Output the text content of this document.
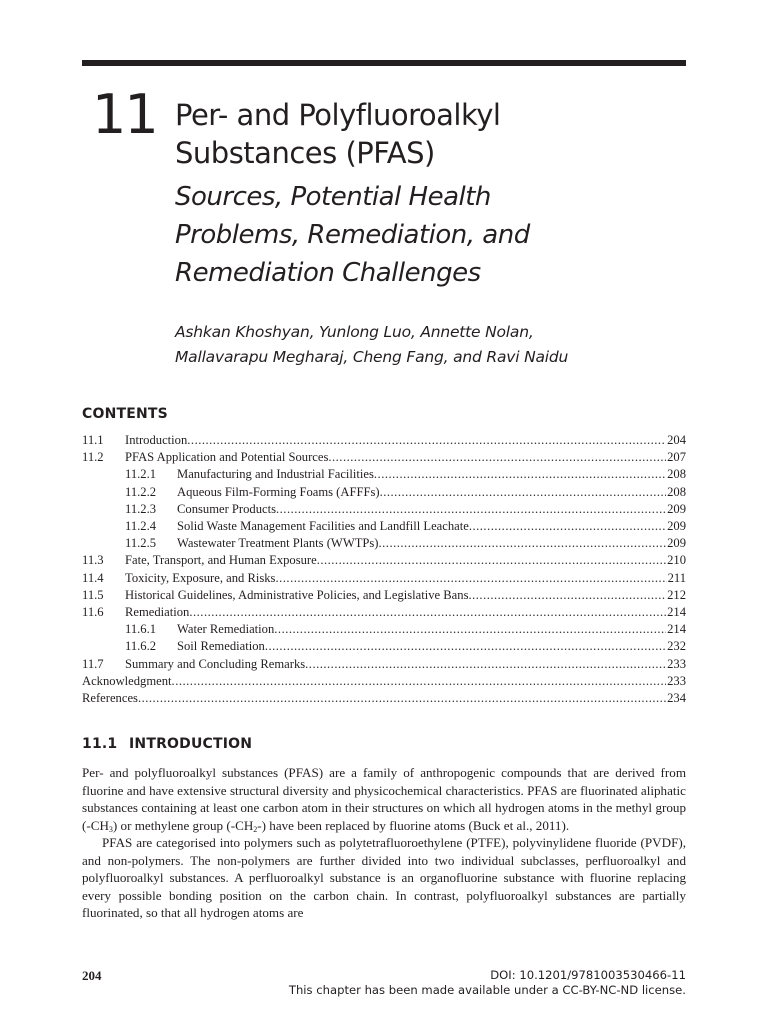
11 Per- and Polyfluoroalkyl
Substances (PFAS)
Sources, Potential Health
Problems, Remediation, and
Remediation Challenges
Ashkan Khoshyan, Yunlong Luo, Annette Nolan,
Mallavarapu Megharaj, Cheng Fang, and Ravi Naidu
CONTENTS
11.1	Introduction .....	204
11.2	PFAS Application and Potential Sources .....	207
11.2.1	Manufacturing and Industrial Facilities .....	208
11.2.2	Aqueous Film-Forming Foams (AFFFs) .....	208
11.2.3	Consumer Products .....	209
11.2.4	Solid Waste Management Facilities and Landfill Leachate .....	209
11.2.5	Wastewater Treatment Plants (WWTPs) .....	209
11.3	Fate, Transport, and Human Exposure .....	210
11.4	Toxicity, Exposure, and Risks .....	211
11.5	Historical Guidelines, Administrative Policies, and Legislative Bans .....	212
11.6	Remediation .....	214
11.6.1	Water Remediation .....	214
11.6.2	Soil Remediation .....	232
11.7	Summary and Concluding Remarks .....	233
Acknowledgment .....	233
References .....	234
11.1 INTRODUCTION

Per- and polyfluoroalkyl substances (PFAS) are a family of anthropogenic compounds that are derived from fluorine and have extensive structural diversity and physicochemical characteristics. PFAS are fluorinated aliphatic substances containing at least one carbon atom in their structures on which all hydrogen atoms in the methyl group $(-CH_3)$ or methylene group $(-CH_2-)$ have been replaced by fluorine atoms (Buck et al., 2011).

PFAS are categorised into polymers such as polytetrafluoroethylene (PTFE), polyvinylidene fluoride (PVDF), and non-polymers. The non-polymers are further divided into two individual subclasses, perfluoroalkyl and polyfluoroalkyl substances. A perfluoroalkyl substance is an organofluorine substance with fluorine replacing every possible bonding position on the carbon chain. In contrast, polyfluoroalkyl substances are partially fluorinated, so that all hydrogen atoms are

204	DOI: 10.1201/9781003530466-11
This chapter has been made available under a CC-BY-NC-ND license.
